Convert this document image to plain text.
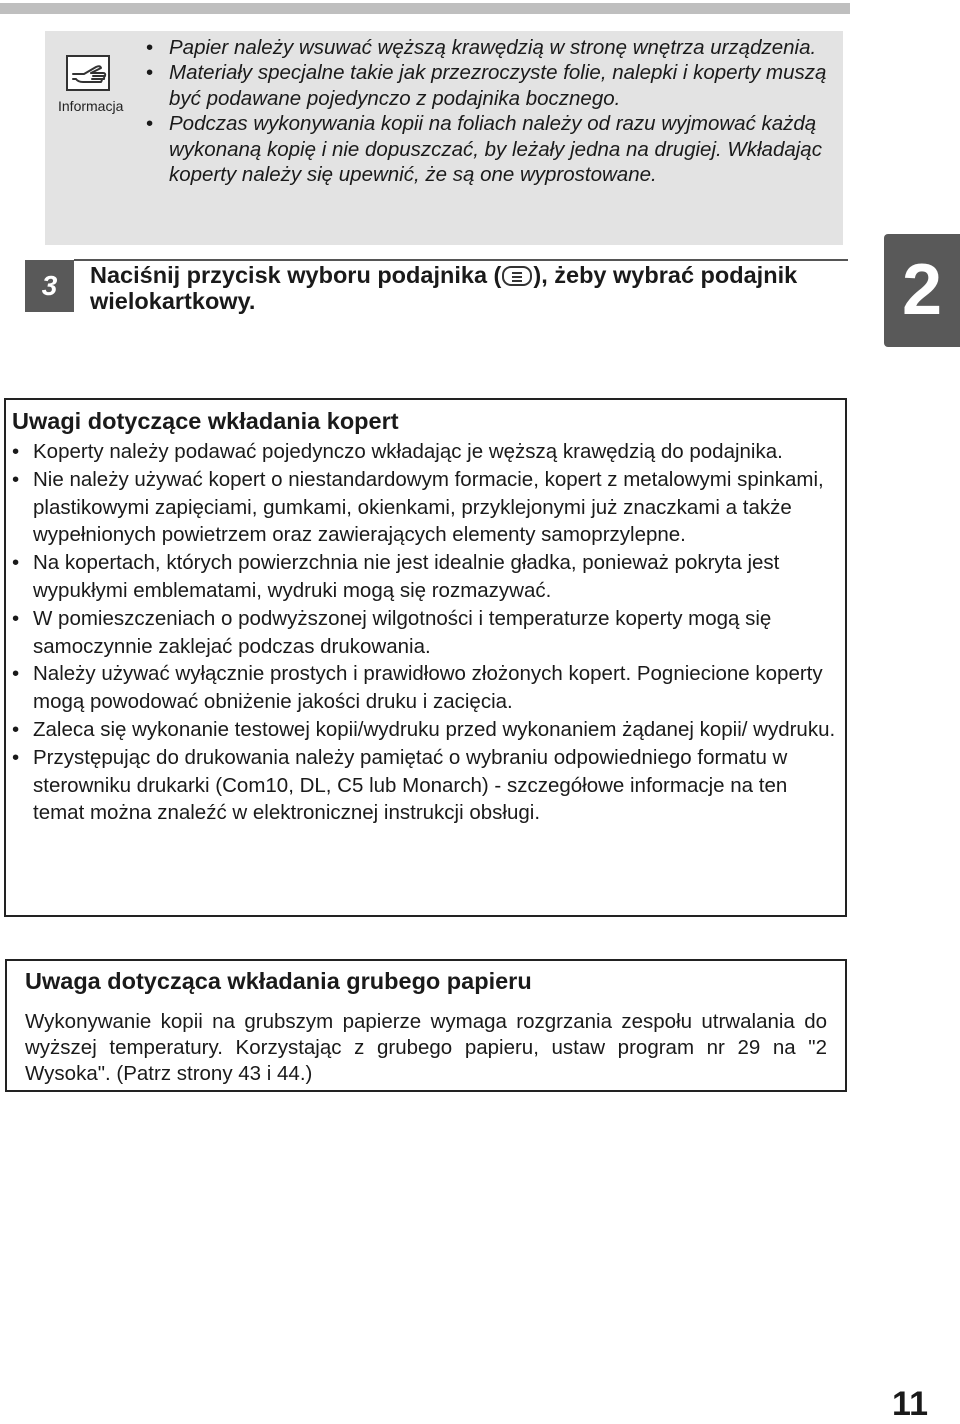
Informacja
• Papier należy wsuwać węższą krawędzią w stronę wnętrza urządzenia.
• Materiały specjalne takie jak przezroczyste folie, nalepki i koperty muszą być podawane pojedynczo z podajnika bocznego.
• Podczas wykonywania kopii na foliach należy od razu wyjmować każdą wykonaną kopię i nie dopuszczać, by leżały jedna na drugiej. Wkładając koperty należy się upewnić, że są one wyprostowane.
3	Naciśnij przycisk wyboru podajnika ( ), żeby wybrać podajnik wielokartkowy.	2
Uwagi dotyczące wkładania kopert
• Koperty należy podawać pojedynczo wkładając je węższą krawędzią do podajnika.
• Nie należy używać kopert o niestandardowym formacie, kopert z metalowymi spinkami, plastikowymi zapięciami, gumkami, okienkami, przyklejonymi już znaczkami a także wypełnionych powietrzem oraz zawierających elementy samoprzylepne.
• Na kopertach, których powierzchnia nie jest idealnie gładka, ponieważ pokryta jest wypukłymi emblematami, wydruki mogą się rozmazywać.
• W pomieszczeniach o podwyższonej wilgotności i temperaturze koperty mogą się samoczynnie zaklejać podczas drukowania.
• Należy używać wyłącznie prostych i prawidłowo złożonych kopert. Pogniecione koperty mogą powodować obniżenie jakości druku i zacięcia.
• Zaleca się wykonanie testowej kopii/wydruku przed wykonaniem żądanej kopii/ wydruku.
• Przystępując do drukowania należy pamiętać o wybraniu odpowiedniego formatu w sterowniku drukarki (Com10, DL, C5 lub Monarch) - szczegółowe informacje na ten temat można znaleźć w elektronicznej instrukcji obsługi.
Uwaga dotycząca wkładania grubego papieru

Wykonywanie kopii na grubszym papierze wymaga rozgrzania zespołu utrwalania do wyższej temperatury. Korzystając z grubego papieru, ustaw program nr 29 na "2 Wysoka". (Patrz strony 43 i 44.)

11
